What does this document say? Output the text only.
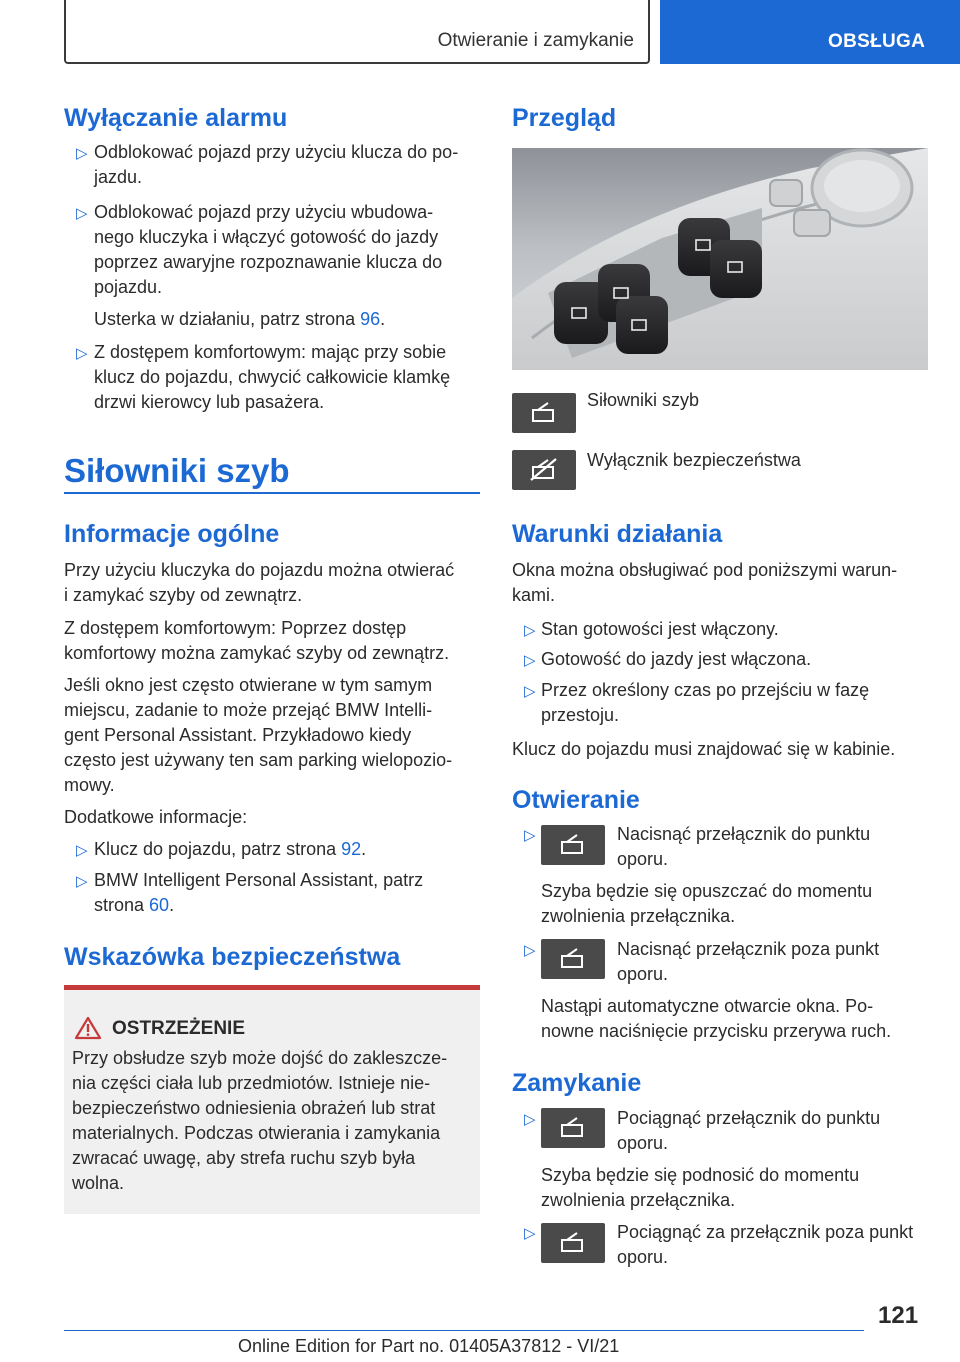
Otwieranie i zamykanie	OBSŁUGA
Wyłączanie alarmu
▷ Odblokować pojazd przy użyciu klucza do po-
jazdu.
▷ Odblokować pojazd przy użyciu wbudowa-
nego kluczyka i włączyć gotowość do jazdy
poprzez awaryjne rozpoznawanie klucza do
pojazdu.
Usterka w działaniu, patrz strona 96.
▷ Z dostępem komfortowym: mając przy sobie
klucz do pojazdu, chwycić całkowicie klamkę
drzwi kierowcy lub pasażera.
Siłowniki szyb
Informacje ogólne
Przy użyciu kluczyka do pojazdu można otwierać
i zamykać szyby od zewnątrz.
Z dostępem komfortowym: Poprzez dostęp
komfortowy można zamykać szyby od zewnątrz.
Jeśli okno jest często otwierane w tym samym
miejscu, zadanie to może przejąć BMW Intelli-
gent Personal Assistant. Przykładowo kiedy
często jest używany ten sam parking wielopozio-
mowy.
Dodatkowe informacje:
▷ Klucz do pojazdu, patrz strona 92.
▷ BMW Intelligent Personal Assistant, patrz
strona 60.
Wskazówka bezpieczeństwa
OSTRZEŻENIE
Przy obsłudze szyb może dojść do zakleszcze-
nia części ciała lub przedmiotów. Istnieje nie-
bezpieczeństwo odniesienia obrażeń lub strat
materialnych. Podczas otwierania i zamykania
zwracać uwagę, aby strefa ruchu szyb była
wolna.
Przegląd
Siłowniki szyb
Wyłącznik bezpieczeństwa
Warunki działania
Okna można obsługiwać pod poniższymi warun-
kami.
▷ Stan gotowości jest włączony.
▷ Gotowość do jazdy jest włączona.
▷ Przez określony czas po przejściu w fazę
przestoju.
Klucz do pojazdu musi znajdować się w kabinie.
Otwieranie
▷	Nacisnąć przełącznik do punktu
oporu.
Szyba będzie się opuszczać do momentu
zwolnienia przełącznika.
▷	Nacisnąć przełącznik poza punkt
oporu.
Nastąpi automatyczne otwarcie okna. Po-
nowne naciśnięcie przycisku przerywa ruch.
Zamykanie
▷	Pociągnąć przełącznik do punktu
oporu.
Szyba będzie się podnosić do momentu
zwolnienia przełącznika.
▷	Pociągnąć za przełącznik poza punkt
oporu.
121
Online Edition for Part no. 01405A37812 - VI/21
